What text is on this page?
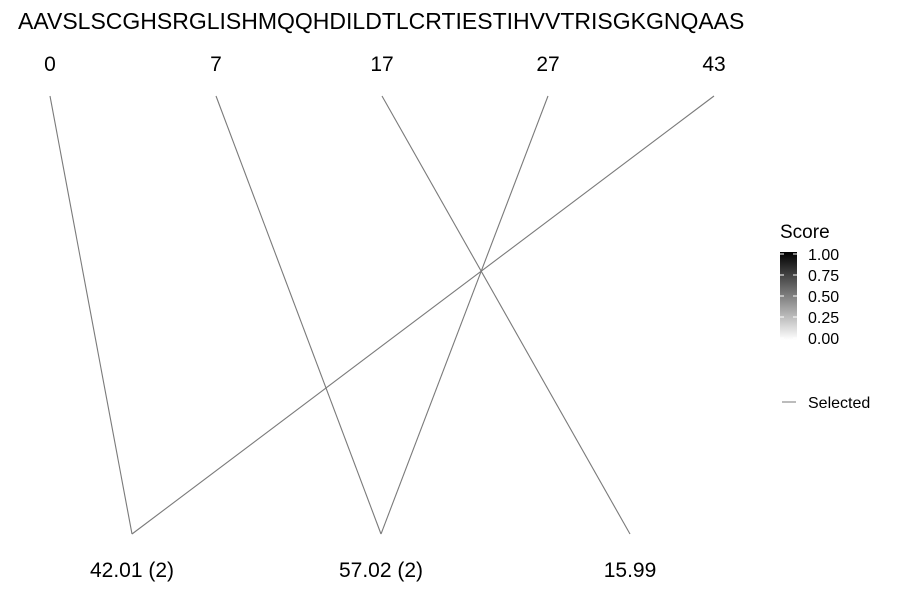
AAVSLSCGHSRGLISHMQQHDILDTLCRTIESTIHVVTRISGKGNQAAS
0	7	17	27	43
42.01 (2)	57.02 (2)	15.99
Score
1.00
0.75
0.50
0.25
0.00
Selected
